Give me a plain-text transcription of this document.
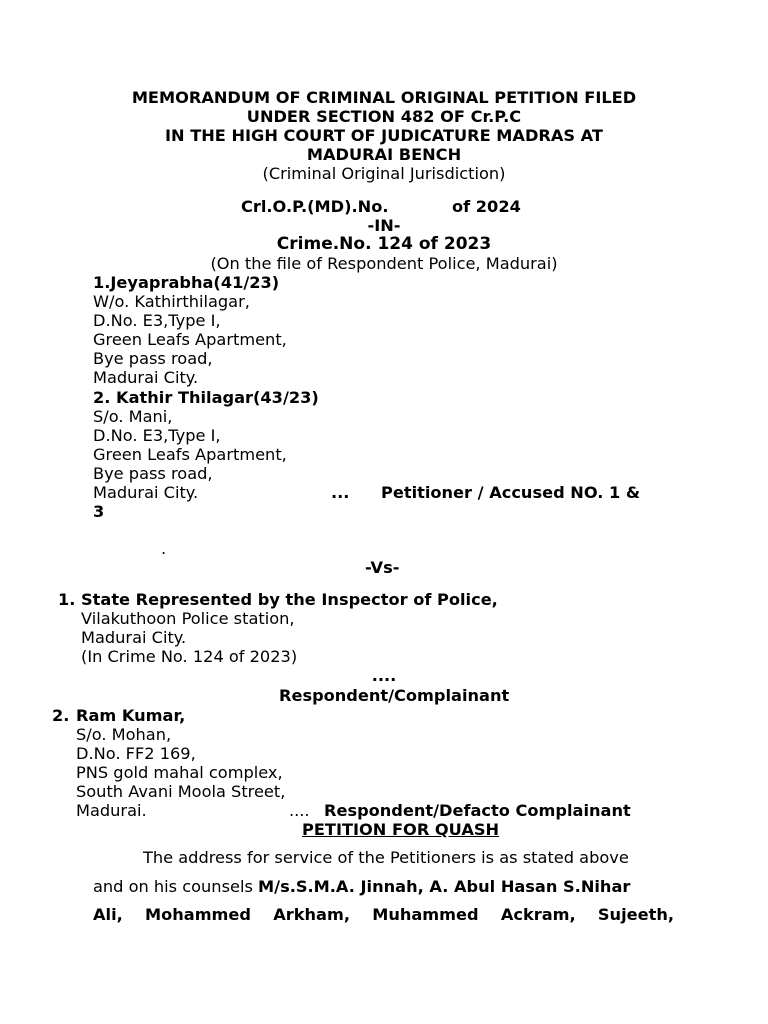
MEMORANDUM OF CRIMINAL ORIGINAL PETITION FILED
UNDER SECTION 482 OF Cr.P.C
IN THE HIGH COURT OF JUDICATURE MADRAS AT
MADURAI BENCH
(Criminal Original Jurisdiction)
Crl.O.P.(MD).No.	of 2024
-IN-
Crime.No. 124 of 2023
(On the file of Respondent Police, Madurai)
1.Jeyaprabha(41/23)
W/o. Kathirthilagar,
D.No. E3,Type I,
Green Leafs Apartment,
Bye pass road,
Madurai City.
2. Kathir Thilagar(43/23)
S/o. Mani,
D.No. E3,Type I,
Green Leafs Apartment,
Bye pass road,
Madurai City.	... Petitioner / Accused NO. 1 &
3
.
-Vs-
1. State Represented by the Inspector of Police,
Vilakuthoon Police station,
Madurai City.
(In Crime No. 124 of 2023)
....
Respondent/Complainant
2. Ram Kumar,
S/o. Mohan,
D.No. FF2 169,
PNS gold mahal complex,
South Avani Moola Street,
Madurai.	.... Respondent/Defacto Complainant
PETITION FOR QUASH
The address for service of the Petitioners is as stated above
and on his counsels M/s.S.M.A. Jinnah, A. Abul Hasan S.Nihar
Ali, Mohammed Arkham, Muhammed Ackram, Sujeeth,
